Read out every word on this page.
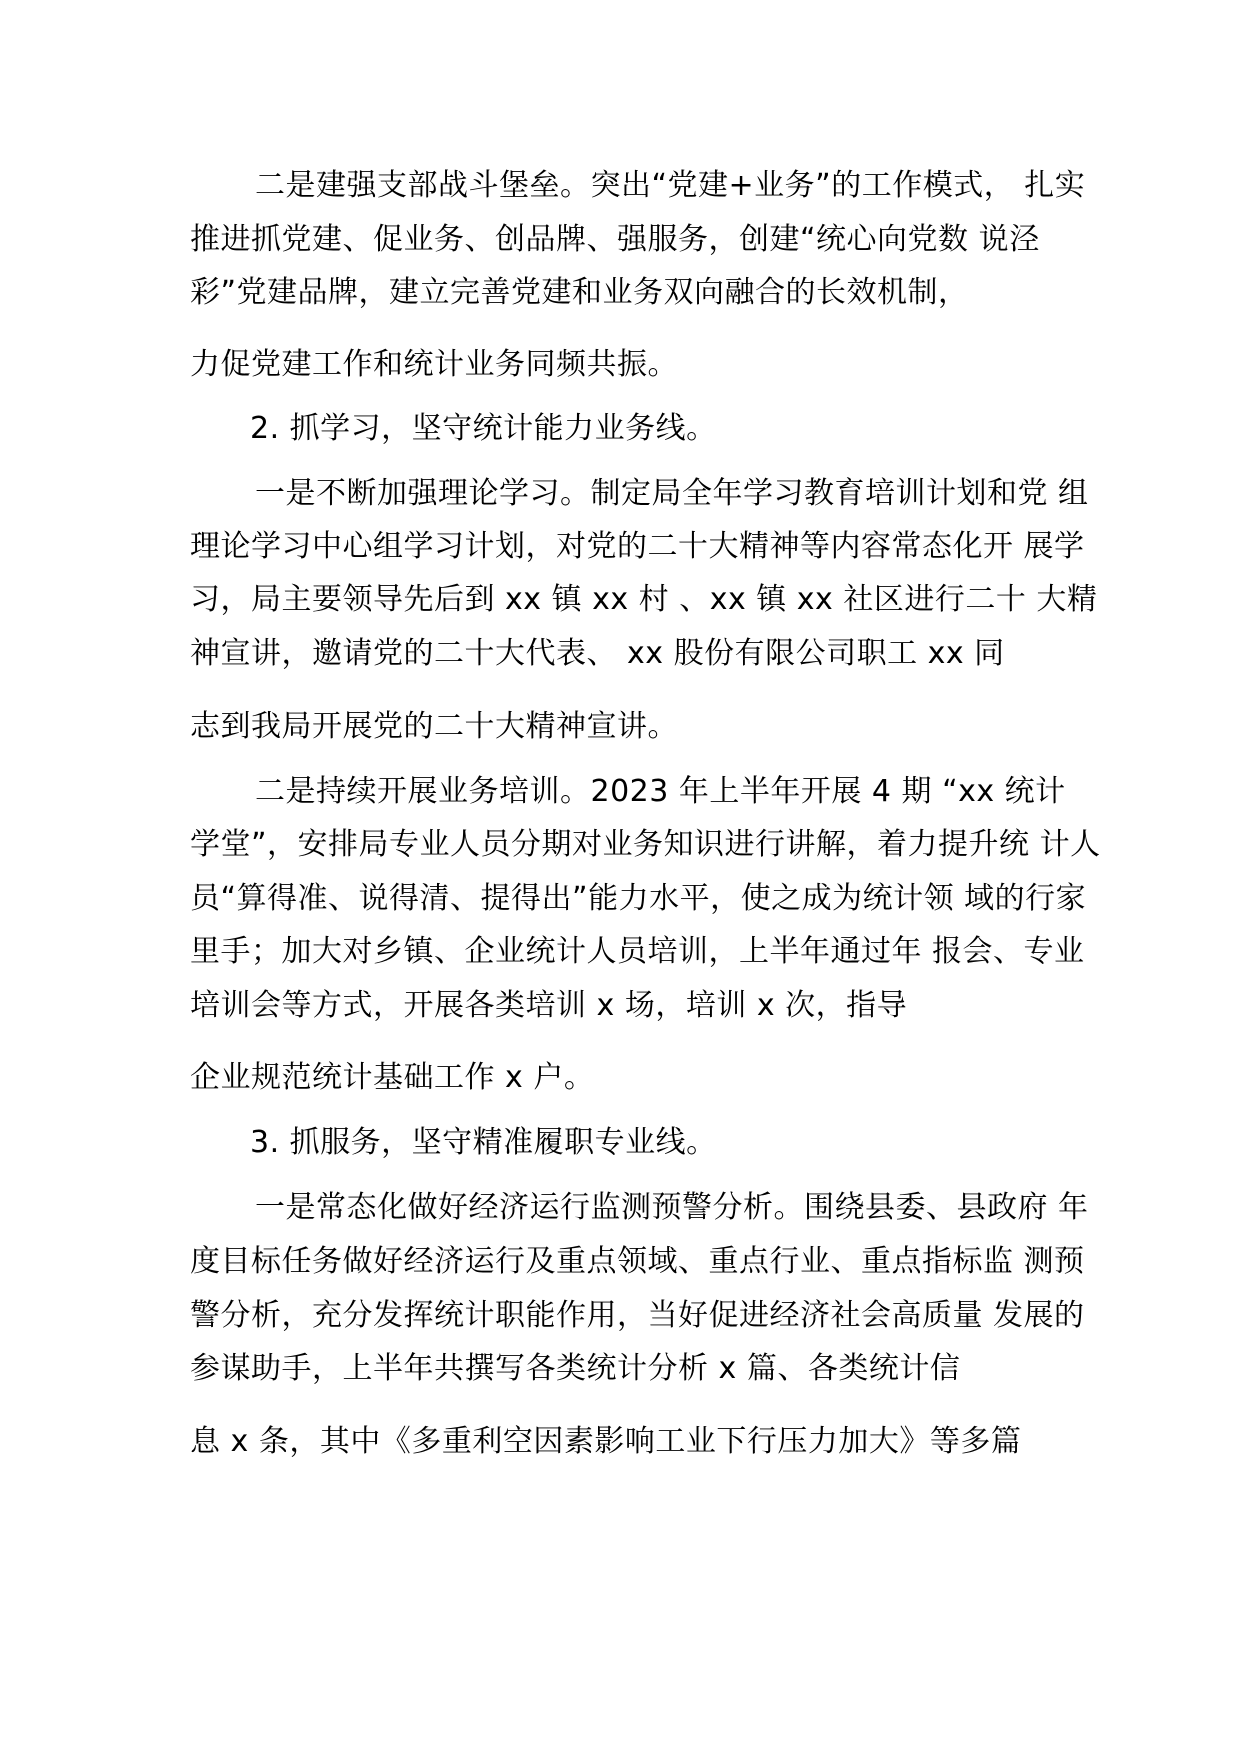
二是建强支部战斗堡垒。突出“党建+业务”的工作模式， 扎实
推进抓党建、促业务、创品牌、强服务，创建“统心向党数 说泾
彩”党建品牌，建立完善党建和业务双向融合的长效机制，
力促党建工作和统计业务同频共振。
2. 抓学习，坚守统计能力业务线。
一是不断加强理论学习。制定局全年学习教育培训计划和党 组
理论学习中心组学习计划，对党的二十大精神等内容常态化开 展学
习，局主要领导先后到 xx 镇 xx 村 、xx 镇 xx 社区进行二十 大精
神宣讲，邀请党的二十大代表、 xx 股份有限公司职工 xx 同
志到我局开展党的二十大精神宣讲。
二是持续开展业务培训。2023 年上半年开展 4 期 “xx 统计
学堂”，安排局专业人员分期对业务知识进行讲解，着力提升统 计人
员“算得准、说得清、提得出”能力水平，使之成为统计领 域的行家
里手；加大对乡镇、企业统计人员培训，上半年通过年 报会、专业
培训会等方式，开展各类培训 x 场，培训 x 次，指导
企业规范统计基础工作 x 户。
3. 抓服务，坚守精准履职专业线。
一是常态化做好经济运行监测预警分析。围绕县委、县政府 年
度目标任务做好经济运行及重点领域、重点行业、重点指标监 测预
警分析，充分发挥统计职能作用，当好促进经济社会高质量 发展的
参谋助手，上半年共撰写各类统计分析 x 篇、各类统计信
息 x 条，其中《多重利空因素影响工业下行压力加大》等多篇
